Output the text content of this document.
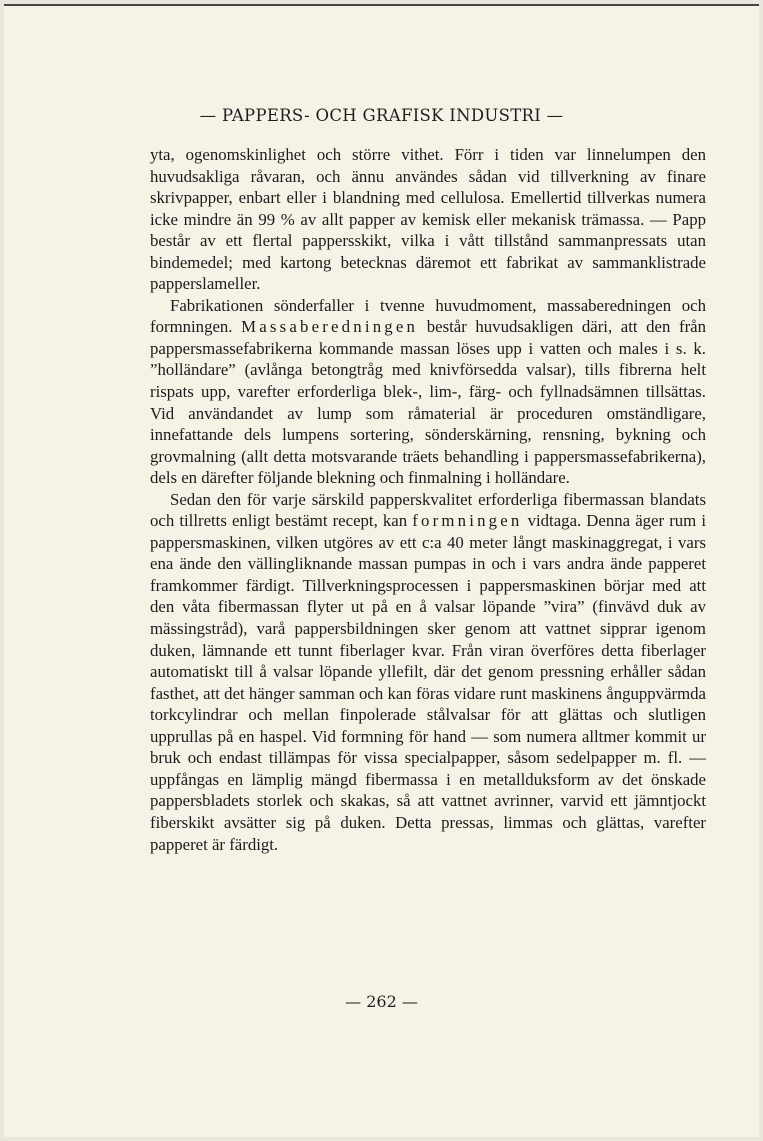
— PAPPERS- OCH GRAFISK INDUSTRI —

yta, ogenomskinlighet och större vithet. Förr i tiden var linnelumpen den huvudsakliga råvaran, och ännu användes sådan vid tillverkning av finare skrivpapper, enbart eller i blandning med cellulosa. Emellertid tillverkas numera icke mindre än 99 % av allt papper av kemisk eller mekanisk trämassa. — Papp består av ett flertal pappersskikt, vilka i vått tillstånd sammanpressats utan bindemedel; med kartong betecknas däremot ett fabrikat av sammanklistrade papperslameller.

Fabrikationen sönderfaller i tvenne huvudmoment, massaberedningen och formningen. Massaberedningen består huvudsakligen däri, att den från pappersmassefabrikerna kommande massan löses upp i vatten och males i s. k. ”holländare” (avlånga betongtråg med knivförsedda valsar), tills fibrerna helt rispats upp, varefter erforderliga blek-, lim-, färg- och fyllnadsämnen tillsättas. Vid användandet av lump som råmaterial är proceduren omständligare, innefattande dels lumpens sortering, sönderskärning, rensning, bykning och grovmalning (allt detta motsvarande träets behandling i pappersmassefabrikerna), dels en därefter följande blekning och finmalning i holländare.

Sedan den för varje särskild papperskvalitet erforderliga fibermassan blandats och tillretts enligt bestämt recept, kan formningen vidtaga. Denna äger rum i pappersmaskinen, vilken utgöres av ett c:a 40 meter långt maskinaggregat, i vars ena ände den vällingliknande massan pumpas in och i vars andra ände papperet framkommer färdigt. Tillverkningsprocessen i pappersmaskinen börjar med att den våta fibermassan flyter ut på en å valsar löpande ”vira” (finvävd duk av mässingstråd), varå pappersbildningen sker genom att vattnet sipprar igenom duken, lämnande ett tunnt fiberlager kvar. Från viran överföres detta fiberlager automatiskt till å valsar löpande yllefilt, där det genom pressning erhåller sådan fasthet, att det hänger samman och kan föras vidare runt maskinens ånguppvärmda torkcylindrar och mellan finpolerade stålvalsar för att glättas och slutligen upprullas på en haspel. Vid formning för hand — som numera alltmer kommit ur bruk och endast tillämpas för vissa specialpapper, såsom sedelpapper m. fl. — uppfångas en lämplig mängd fibermassa i en metallduksform av det önskade pappersbladets storlek och skakas, så att vattnet avrinner, varvid ett jämntjockt fiberskikt avsätter sig på duken. Detta pressas, limmas och glättas, varefter papperet är färdigt.

— 262 —
